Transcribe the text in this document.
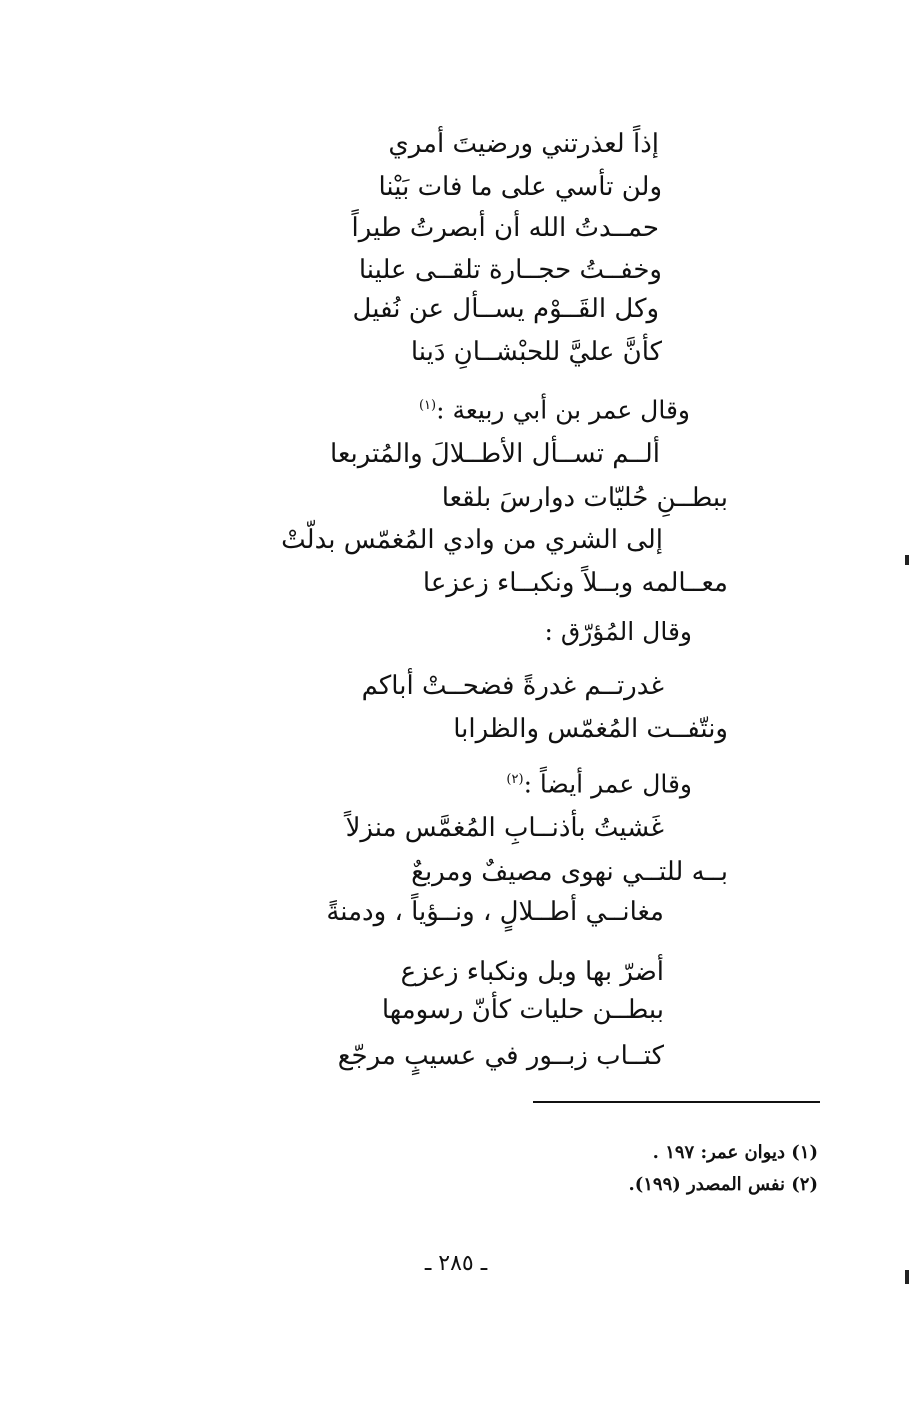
إذاً لعذرتني ورضيتَ أمري
ولن تأسي على ما فات بَيْنا
حمــدتُ الله أن أبصرتُ طيراً
وخفــتُ حجــارة تلقــى علينا
وكل القَــوْم يســأل عن نُفيل
كأنَّ عليَّ للحبْشــانِ دَينا
وقال عمر بن أبي ربيعة :$^{(١)}$
ألــم تســأل الأطــلالَ والمُتربعا
ببطــنِ حُليّات دوارسَ بلقعا
إلى الشري من وادي المُغمّس بدلّتْ
معــالمه وبــلاً ونكبــاء زعزعا
وقال المُؤرّق :
غدرتــم غدرةً فضحــتْ أباكم
ونتّفــت المُغمّس والظرابا
وقال عمر أيضاً :$^{(٢)}$
غَشيتُ بأذنــابِ المُغمَّس منزلاً
بــه للتــي نهوى مصيفٌ ومربعٌ
مغانــي أطــلالٍ ، ونــؤياً ، ودمنةً
أضرّ بها وبل ونكباء زعزع
ببطــن حليات كأنّ رسومها
كتــاب زبــور في عسيبٍ مرجّع
(١) ديوان عمر: ١٩٧ .
(٢) نفس المصدر (١٩٩).
ـ ٢٨٥ ـ
